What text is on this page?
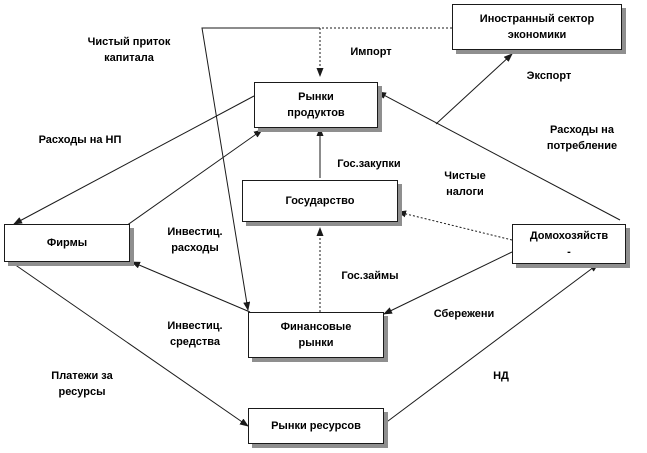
Иностранный сектор
экономики
Рынки
продуктов
Государство
Фирмы
Домохозяйств
-
Финансовые
рынки
Рынки ресурсов
Чистый приток
капитала	Импорт
Экспорт
Расходы на НП
Расходы на
потребление
Гос.закупки
Чистые
налоги
Инвестиц.
расходы
Гос.займы
Сбережени
Инвестиц.
средства
Платежи за
ресурсы
НД
